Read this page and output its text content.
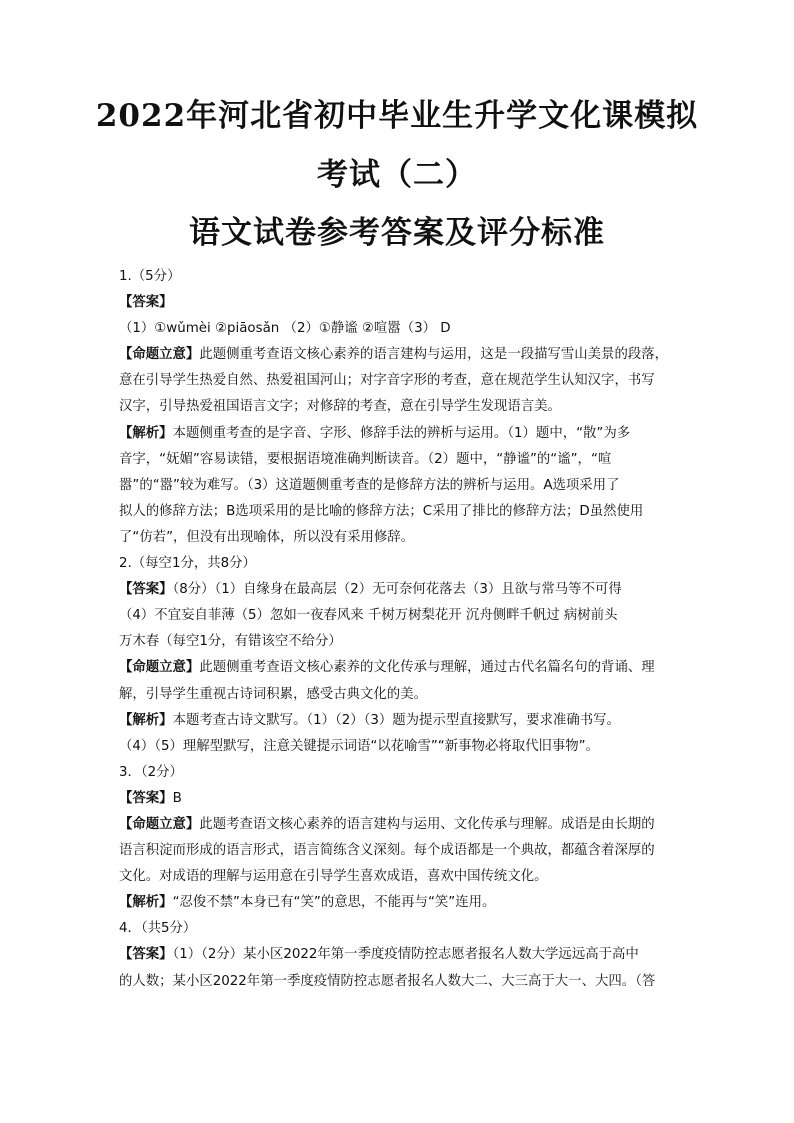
2022年河北省初中毕业生升学文化课模拟
考试（二）
语文试卷参考答案及评分标准
1.（5分）
【答案】
（1）①wǔmèi ②piāosǎn （2）①静谧 ②喧嚣（3） D
【命题立意】此题侧重考查语文核心素养的语言建构与运用，这是一段描写雪山美景的段落，
意在引导学生热爱自然、热爱祖国河山；对字音字形的考查，意在规范学生认知汉字，书写
汉字，引导热爱祖国语言文字；对修辞的考查，意在引导学生发现语言美。
【解析】本题侧重考查的是字音、字形、修辞手法的辨析与运用。（1）题中，“散”为多
音字，“妩媚”容易读错，要根据语境准确判断读音。（2）题中，“静谧”的“谧”，“喧
嚣”的“嚣”较为难写。（3）这道题侧重考查的是修辞方法的辨析与运用。A选项采用了
拟人的修辞方法；B选项采用的是比喻的修辞方法；C采用了排比的修辞方法；D虽然使用
了“仿若”，但没有出现喻体，所以没有采用修辞。
2.（每空1分，共8分）
【答案】（8分）（1）自缘身在最高层（2）无可奈何花落去（3）且欲与常马等不可得
（4）不宜妄自菲薄（5）忽如一夜春风来 千树万树梨花开 沉舟侧畔千帆过 病树前头
万木春（每空1分，有错该空不给分）
【命题立意】此题侧重考查语文核心素养的文化传承与理解，通过古代名篇名句的背诵、理
解，引导学生重视古诗词积累，感受古典文化的美。
【解析】本题考查古诗文默写。（1）（2）（3）题为提示型直接默写，要求准确书写。
（4）（5）理解型默写，注意关键提示词语“以花喻雪”“新事物必将取代旧事物”。
3．（2分）
【答案】B
【命题立意】此题考查语文核心素养的语言建构与运用、文化传承与理解。成语是由长期的
语言积淀而形成的语言形式，语言简练含义深刻。每个成语都是一个典故，都蕴含着深厚的
文化。对成语的理解与运用意在引导学生喜欢成语，喜欢中国传统文化。
【解析】“忍俊不禁”本身已有“笑”的意思，不能再与“笑”连用。
4．（共5分）
【答案】（1）（2分）某小区2022年第一季度疫情防控志愿者报名人数大学远远高于高中
的人数；某小区2022年第一季度疫情防控志愿者报名人数大二、大三高于大一、大四。（答
